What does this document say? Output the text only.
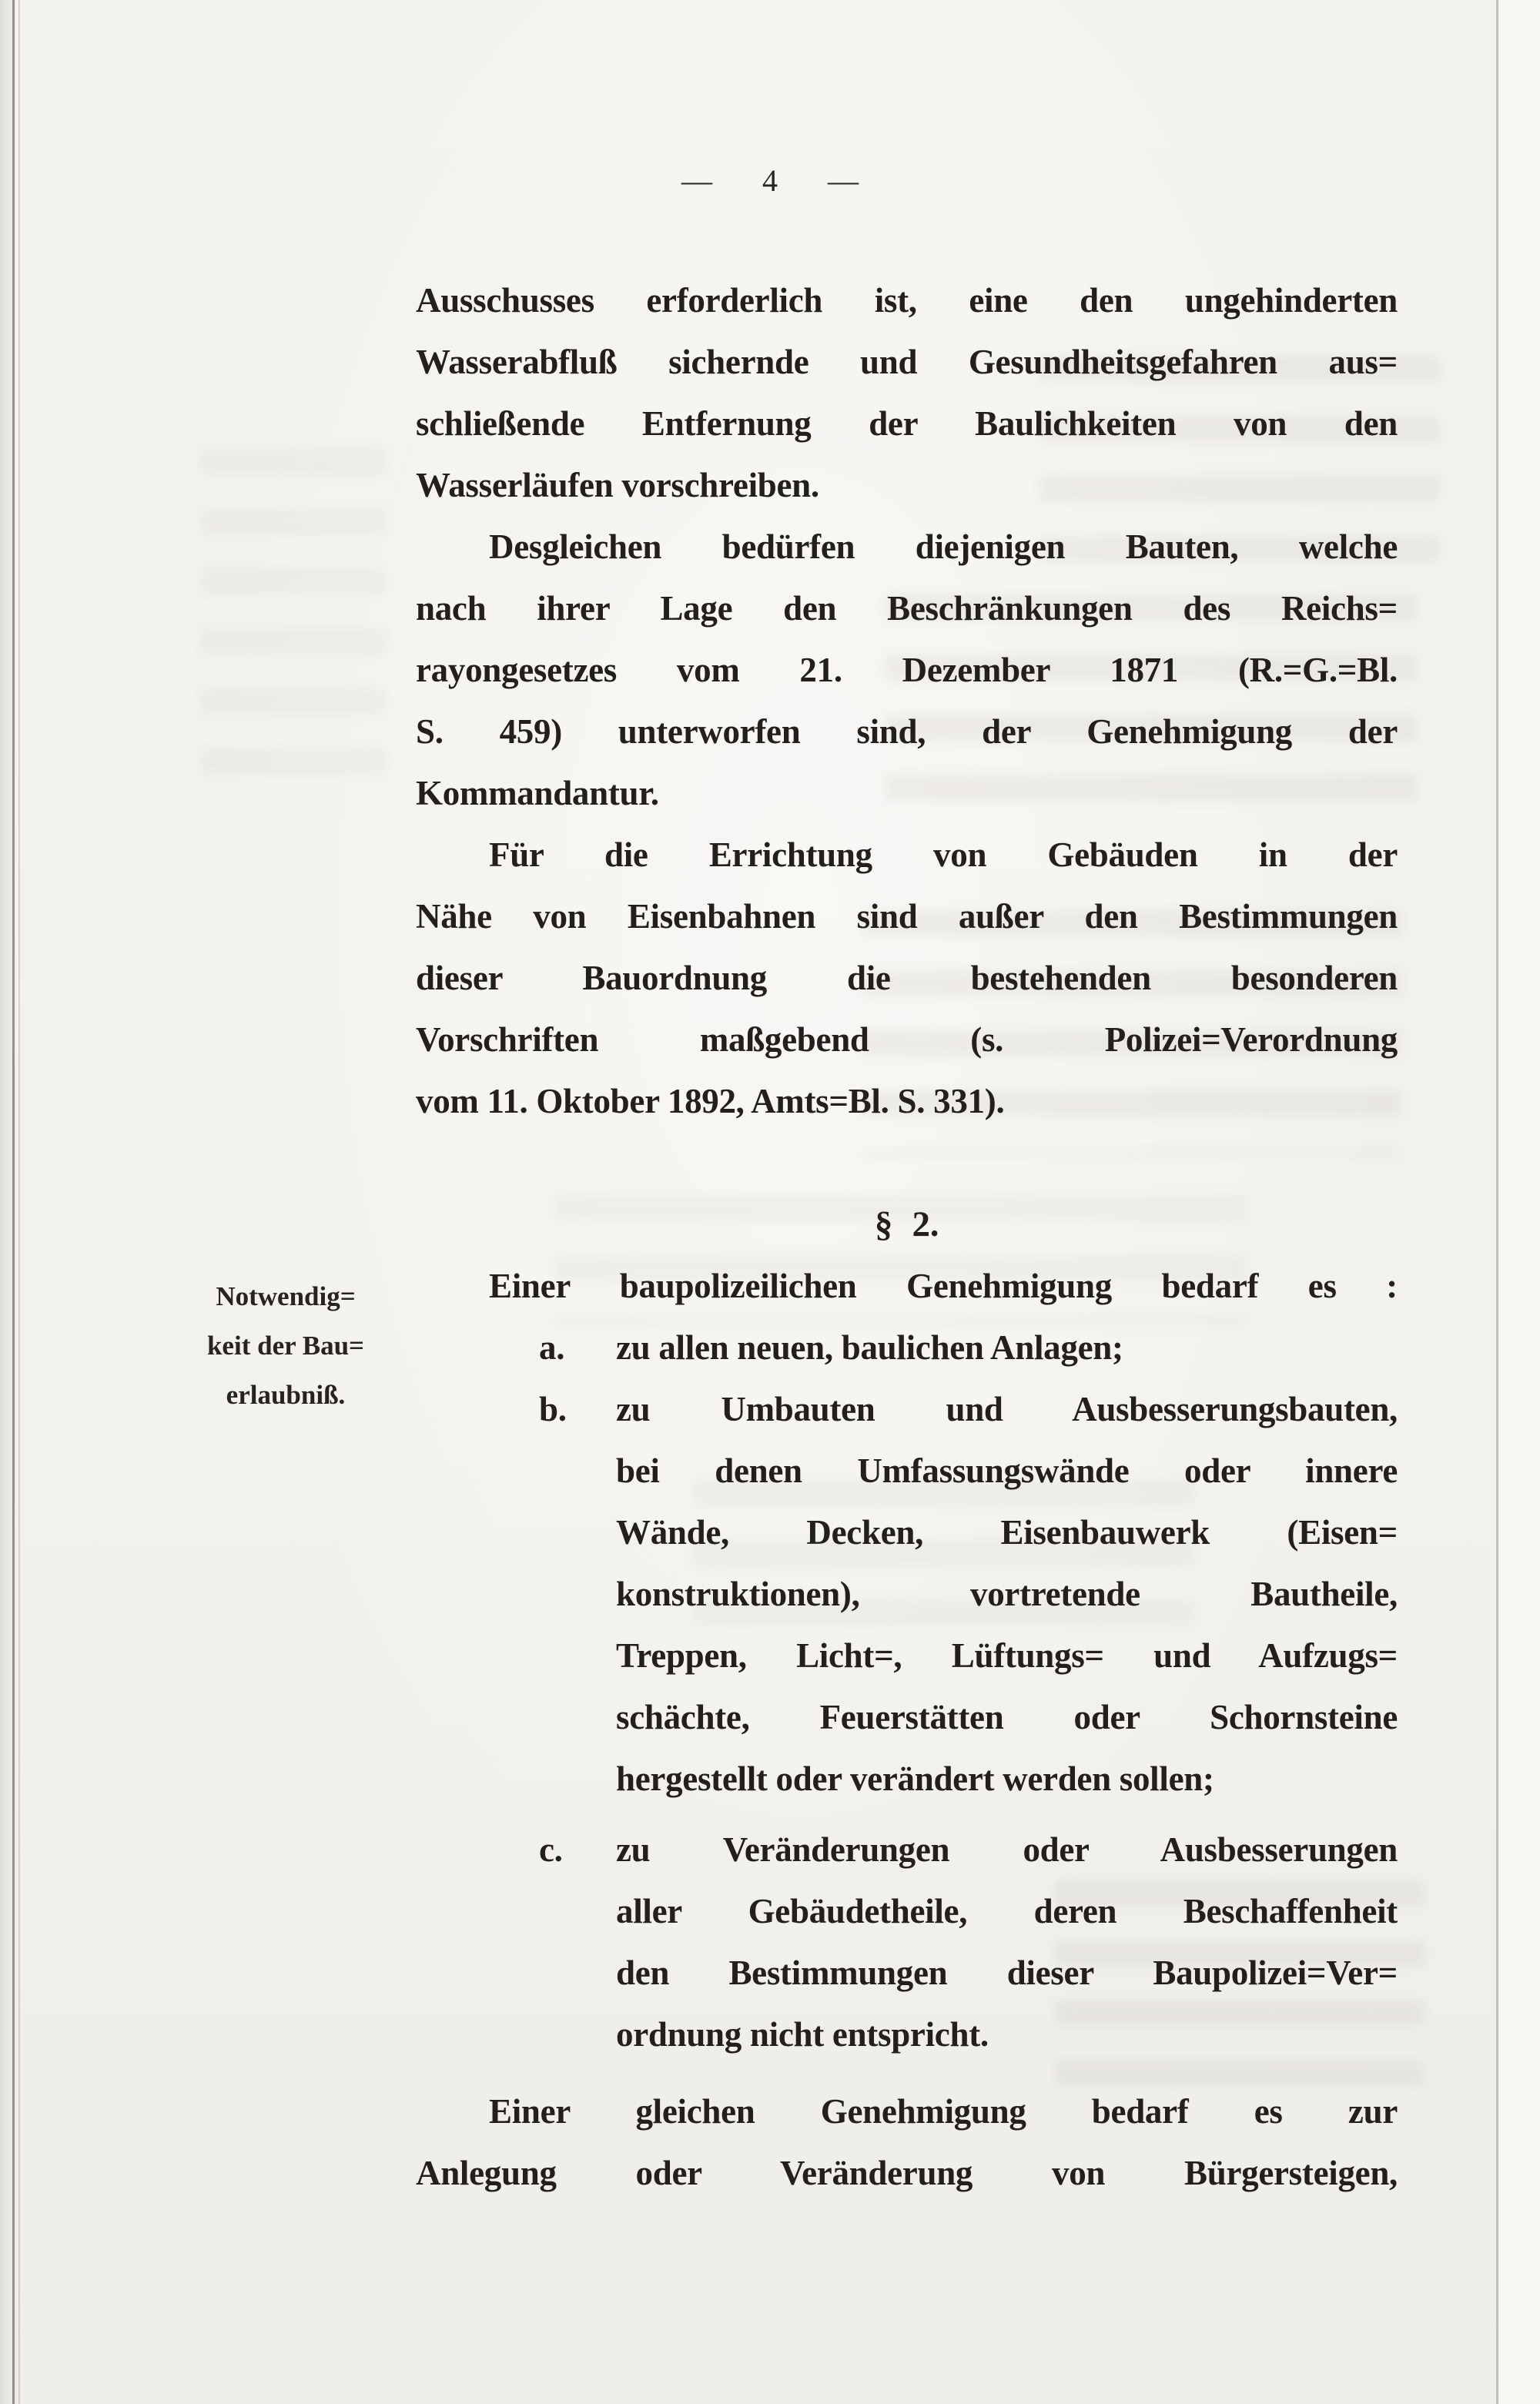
— 4 —
Notwendig=
keit der Bau=
erlaubniß.
Ausschusses erforderlich ist, eine den ungehinderten
Wasserabfluß sichernde und Gesundheitsgefahren aus=
schließende Entfernung der Baulichkeiten von den
Wasserläufen vorschreiben.
Desgleichen bedürfen diejenigen Bauten, welche
nach ihrer Lage den Beschränkungen des Reichs=
rayongesetzes vom 21. Dezember 1871 (R.=G.=Bl.
S. 459) unterworfen sind, der Genehmigung der
Kommandantur.
Für die Errichtung von Gebäuden in der
Nähe von Eisenbahnen sind außer den Bestimmungen
dieser Bauordnung die bestehenden besonderen
Vorschriften maßgebend (s. Polizei=Verordnung
vom 11. Oktober 1892, Amts=Bl. S. 331).
§ 2.
Einer baupolizeilichen Genehmigung bedarf es :
a. zu allen neuen, baulichen Anlagen;
b. zu Umbauten und Ausbesserungsbauten,
bei denen Umfassungswände oder innere
Wände, Decken, Eisenbauwerk (Eisen=
konstruktionen), vortretende Bautheile,
Treppen, Licht=, Lüftungs= und Aufzugs=
schächte, Feuerstätten oder Schornsteine
hergestellt oder verändert werden sollen;
c. zu Veränderungen oder Ausbesserungen
aller Gebäudetheile, deren Beschaffenheit
den Bestimmungen dieser Baupolizei=Ver=
ordnung nicht entspricht.
Einer gleichen Genehmigung bedarf es zur
Anlegung oder Veränderung von Bürgersteigen,
